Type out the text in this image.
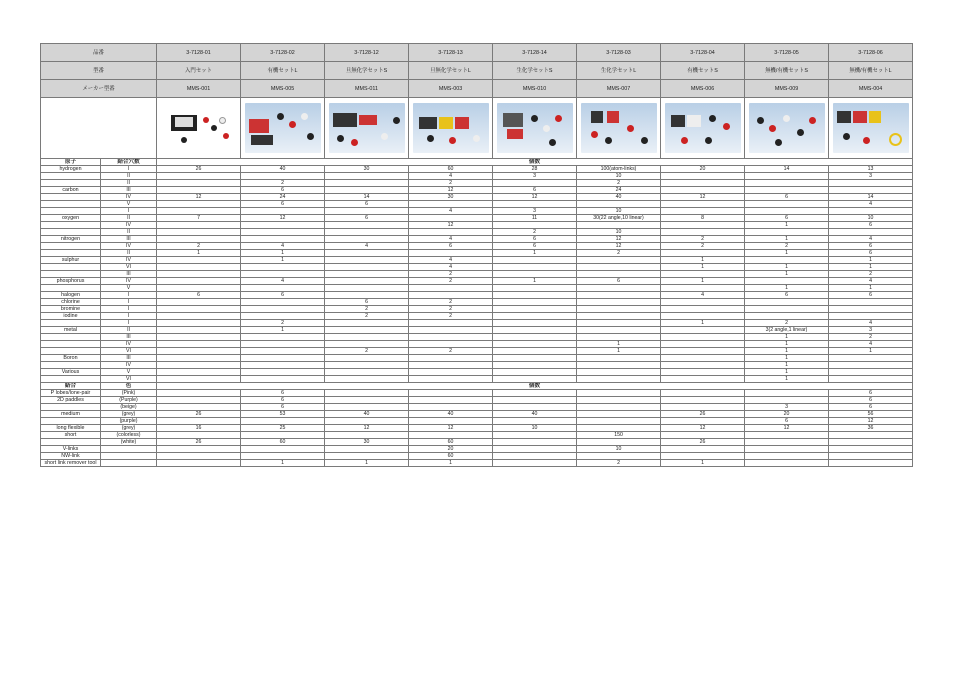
品番		3-7128-01	3-7128-02	3-7128-12	3-7128-13	3-7128-14	3-7128-03	3-7128-04	3-7128-05	3-7128-06
型番		入門セット	有機セットL	旦無化学セットS	旦無化学セットL	生化学セットS	生化学セットL	有機セットS	無機/有機セットS	無機/有機セットL
メーカー型番		MMS-001	MMS-005	MMS-011	MMS-003	MMS-010	MMS-007	MMS-006	MMS-009	MMS-004

原子	結合穴数	個数								
hydrogen	I	26	40	30	60	28	100(atom-links)	20	14	13
	II				4	3	10			3
	II		2		2		2			
carbon	III		6		12	6	24			
	IV	12	24	14	30	12	40	12	6	14
	V		6	6						4
	I				4	3	10			
oxygen	II	7	12	6		11	30(22 angle,10 linear)	8	6	10
	IV				12				1	6
	II					2	10			
nitrogen	III				4	6	12	2	1	4
	IV	2	4	4	6	6	12	2	2	6
	II	1	1			1	2		1	6
sulphur	IV		1		4			1		1
	VI				4			1	1	1
	III				2				1	2
phosphorus	IV		4		2	1	6	1		4
	V								1	1
halogen	I	6	6					4	6	6
chlorine	I			6	2					
bromine	I			2	2					
iodine	I			2	2					
	I		2					1	2	4
metal	II		1						3(2 angle,1 linear)	3
	III								1	2
	IV						1		1	4
	VI			2	2		1		1	1
Boron	III								1	
	IV								1	
Various	V								1	
	VI								1	
結合	色	個数								
P lobes/lone-pair	(Pink)		6							6
2D paddles	(Purple)		6							6
	(beige)		6						3	6
medium	(grey)	26	53	40	40	40		26	20	56
	(purple)								6	12
long flexible	(grey)	16	25	12	12	10		12	12	36
short	(colorless)						150			
	(white)	26	60	30	60			26		
V-links					20		10			
NW-link					60					
short link remover tool			1	1	1		2	1		
